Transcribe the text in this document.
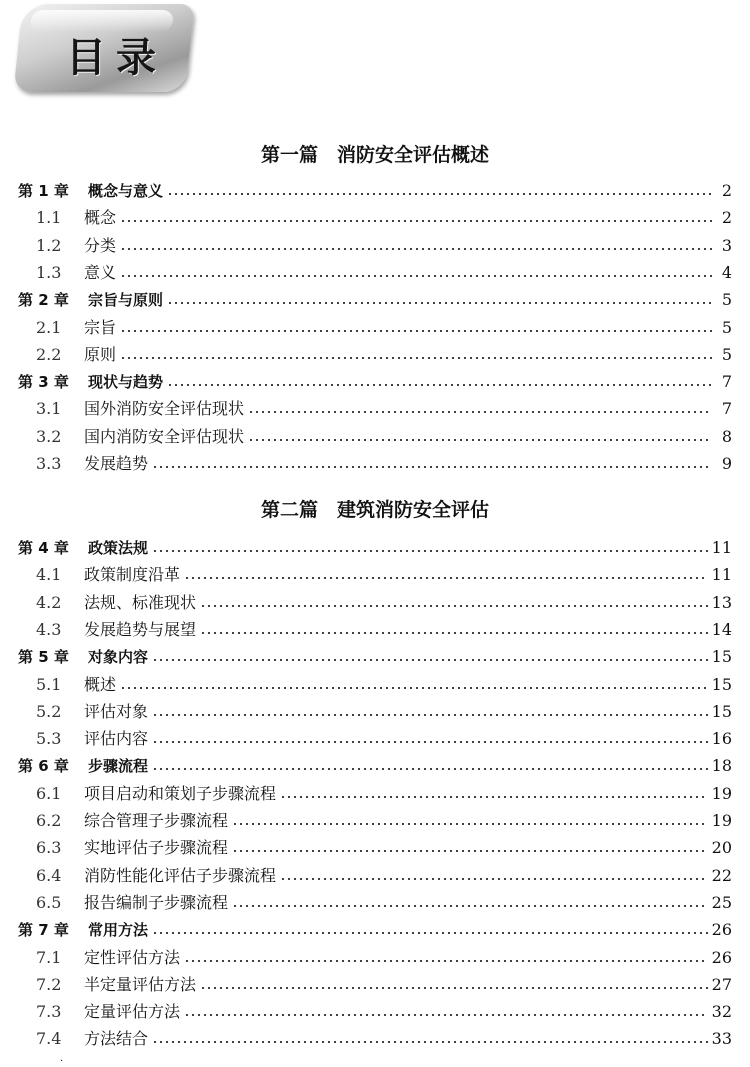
目录
第一篇　消防安全评估概述
第 1 章	概念与意义	2
1.1	概念	2
1.2	分类	3
1.3	意义	4
第 2 章	宗旨与原则	5
2.1	宗旨	5
2.2	原则	5
第 3 章	现状与趋势	7
3.1	国外消防安全评估现状	7
3.2	国内消防安全评估现状	8
3.3	发展趋势	9
第二篇　建筑消防安全评估
第 4 章	政策法规	11
4.1	政策制度沿革	11
4.2	法规、标准现状	13
4.3	发展趋势与展望	14
第 5 章	对象内容	15
5.1	概述	15
5.2	评估对象	15
5.3	评估内容	16
第 6 章	步骤流程	18
6.1	项目启动和策划子步骤流程	19
6.2	综合管理子步骤流程	19
6.3	实地评估子步骤流程	20
6.4	消防性能化评估子步骤流程	22
6.5	报告编制子步骤流程	25
第 7 章	常用方法	26
7.1	定性评估方法	26
7.2	半定量评估方法	27
7.3	定量评估方法	32
7.4	方法结合	33
·
